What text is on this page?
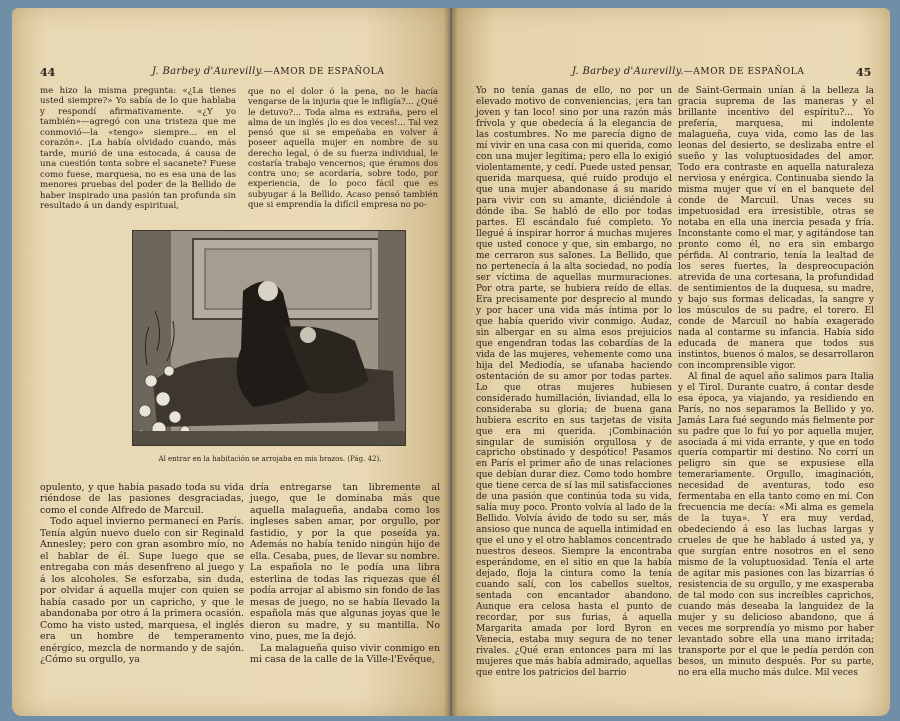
44	J. Barbey d'Aurevilly.—AMOR DE ESPAÑOLA

me hizo la misma pregunta: «¿La tienes usted siempre?» Yo sabía de lo que hablaba y respondí afirmativamente. «¿Y yo también»—agregó con una tristeza que me conmovió—la «tengo» siempre... en el corazón». ¡La había olvidado cuando, más tarde, murió de una estocada, á causa de una cuestión tonta sobre el sacanete? Fuese como fuese, marquesa, no es esa una de las menores pruebas del poder de la Bellido de haber inspirado una pasión tan profunda sin resultado á un dandy espiritual,

que no el dolor ó la pena, no le hacía vengarse de la injuria que le infligía?... ¿Qué le detuvo?... Toda alma es extraña, pero el alma de un inglés ¡lo es dos veces!... Tal vez pensó que si se empeñaba en volver á poseer aquella mujer en nombre de su derecho legal, ó de su fuerza individual, le costaría trabajo vencernos; que éramos dos contra uno; se acordaría, sobre todo, por experiencia, de lo poco fácil que es subyugar á la Bellido. Acaso pensó también que si emprendía la difícil empresa no po-

Al entrar en la habitación se arrojaba en mis brazos. (Pág. 42).

opulento, y que había pasado toda su vida riéndose de las pasiones desgraciadas, como el conde Alfredo de Marcuil.

Todo aquel invierno permanecí en París. Tenía algún nuevo duelo con sir Reginald Annesley; pero con gran asombro mío, no el hablar de él. Supe luego que se entregaba con más desenfreno al juego y á los alcoholes. Se esforzaba, sin duda, por olvidar á aquella mujer con quien se había casado por un capricho, y que le abandonaba por otro á la primera ocasión. Como ha visto usted, marquesa, el inglés era un hombre de temperamento enérgico, mezcla de normando y de sajón. ¿Cómo su orgullo, ya

dría entregarse tan libremente al juego, que le dominaba más que aquella malagueña, andaba como los ingleses saben amar, por orgullo, por fastidio, y por la que poseída ya. Además no había tenido ningún hijo de ella. Cesaba, pues, de llevar su nombre. La española no le podía una libra esterlina de todas las riquezas que él podía arrojar al abismo sin fondo de las mesas de juego, no se había llevado la española más que algunas joyas que le dieron su madre, y su mantilla. No vino, pues, me la dejó.

La malagueña quiso vivir conmigo en mi casa de la calle de la Ville-l'Evêque,

J. Barbey d'Aurevilly.—AMOR DE ESPAÑOLA	45

Yo no tenía ganas de ello, no por un elevado motivo de conveniencias, ¡era tan joven y tan loco! sino por una razón más frívola y que obedecía á la elegancia de las costumbres. No me parecía digno de mí vivir en una casa con mi querida, como con una mujer legítima; pero ella lo exigió violentamente, y cedí. Puede usted pensar, querida marquesa, qué ruido produjo el que una mujer abandonase á su marido para vivir con su amante, diciéndole á dónde iba. Se habló de ello por todas partes. El escándalo fué completo. Yo llegué á inspirar horror á muchas mujeres que usted conoce y que, sin embargo, no me cerraron sus salones. La Bellido, que no pertenecía á la alta sociedad, no podía ser víctima de aquellas murmuraciones. Por otra parte, se hubiera reído de ellas. Era precisamente por desprecio al mundo y por hacer una vida más íntima por lo que había querido vivir conmigo. Audaz, sin albergar en su alma esos prejuicios que engendran todas las cobardías de la vida de las mujeres, vehemente como una hija del Mediodía, se ufanaba haciendo ostentación de su amor por todas partes. Lo que otras mujeres hubiesen considerado humillación, liviandad, ella lo consideraba su gloria; de buena gana hubiera escrito en sus tarjetas de visita que era mi querida. ¡Combinación singular de sumisión orgullosa y de capricho obstinado y despótico! Pasamos en París el primer año de unas relaciones que debían durar diez. Como todo hombre que tiene cerca de sí las mil satisfacciones de una pasión que continúa toda su vida, salía muy poco. Pronto volvía al lado de la Bellido. Volvía ávido de todo su ser, más ansioso que nunca de aquella intimidad en que el uno y el otro hablamos concentrado nuestros deseos. Siempre la encontraba esperándome, en el sitio en que la había dejado, floja la cintura como la tenía cuando salí, con los cabellos sueltos, sentada con encantador abandono. Aunque era celosa hasta el punto de recordar, por sus furias, á aquella Margarita amada por lord Byron en Venecia, estaba muy segura de no tener rivales. ¿Qué eran entonces para mí las mujeres que más había admirado, aquellas que entre los patricios del barrio

de Saint-Germain unían á la belleza la gracia suprema de las maneras y el brillante incentivo del espíritu?... Yo prefería, marquesa, mi indolente malagueña, cuya vida, como las de las leonas del desierto, se deslizaba entre el sueño y las voluptuosidades del amor. Todo era contraste en aquella naturaleza nerviosa y enérgica. Continuaba siendo la misma mujer que ví en el banquete del conde de Marcuil. Unas veces su impetuosidad era irresistible, otras se notaba en ella una inercia pesada y fría. Inconstante como el mar, y agitándose tan pronto como él, no era sin embargo pérfida. Al contrario, tenía la lealtad de los seres fuertes, la despreocupación atrevida de una cortesana, la profundidad de sentimientos de la duquesa, su madre, y bajo sus formas delicadas, la sangre y los músculos de su padre, el torero. El conde de Marcuil no había exagerado nada al contarme su infancia. Había sido educada de manera que todos sus instintos, buenos ó malos, se desarrollaron con incomprensible vigor.

Al final de aquel año salimos para Italia y el Tirol. Durante cuatro, á contar desde esa época, ya viajando, ya residiendo en París, no nos separamos la Bellido y yo. Jamás Lara fué segundo más fielmente por su padre que lo fuí yo por aquella mujer, asociada á mi vida errante, y que en todo quería compartir mi destino. No corrí un peligro sin que se expusiese ella temerariamente. Orgullo, imaginación, necesidad de aventuras, todo eso fermentaba en ella tanto como en mí. Con frecuencia me decía: «Mi alma es gemela de la tuya». Y era muy verdad, obedeciendo á eso las luchas largas y crueles de que he hablado á usted ya, y que surgían entre nosotros en el seno mismo de la voluptuosidad. Tenía el arte de agitar mis pasiones con las bizarrías ó resistencia de su orgullo, y me exasperaba de tal modo con sus increíbles caprichos, cuando más deseaba la languidez de la mujer y su delicioso abandono, que á veces me sorprendía yo mismo por haber levantado sobre ella una mano irritada; transporte por el que le pedía perdón con besos, un minuto después. Por su parte, no era ella mucho más dulce. Mil veces
